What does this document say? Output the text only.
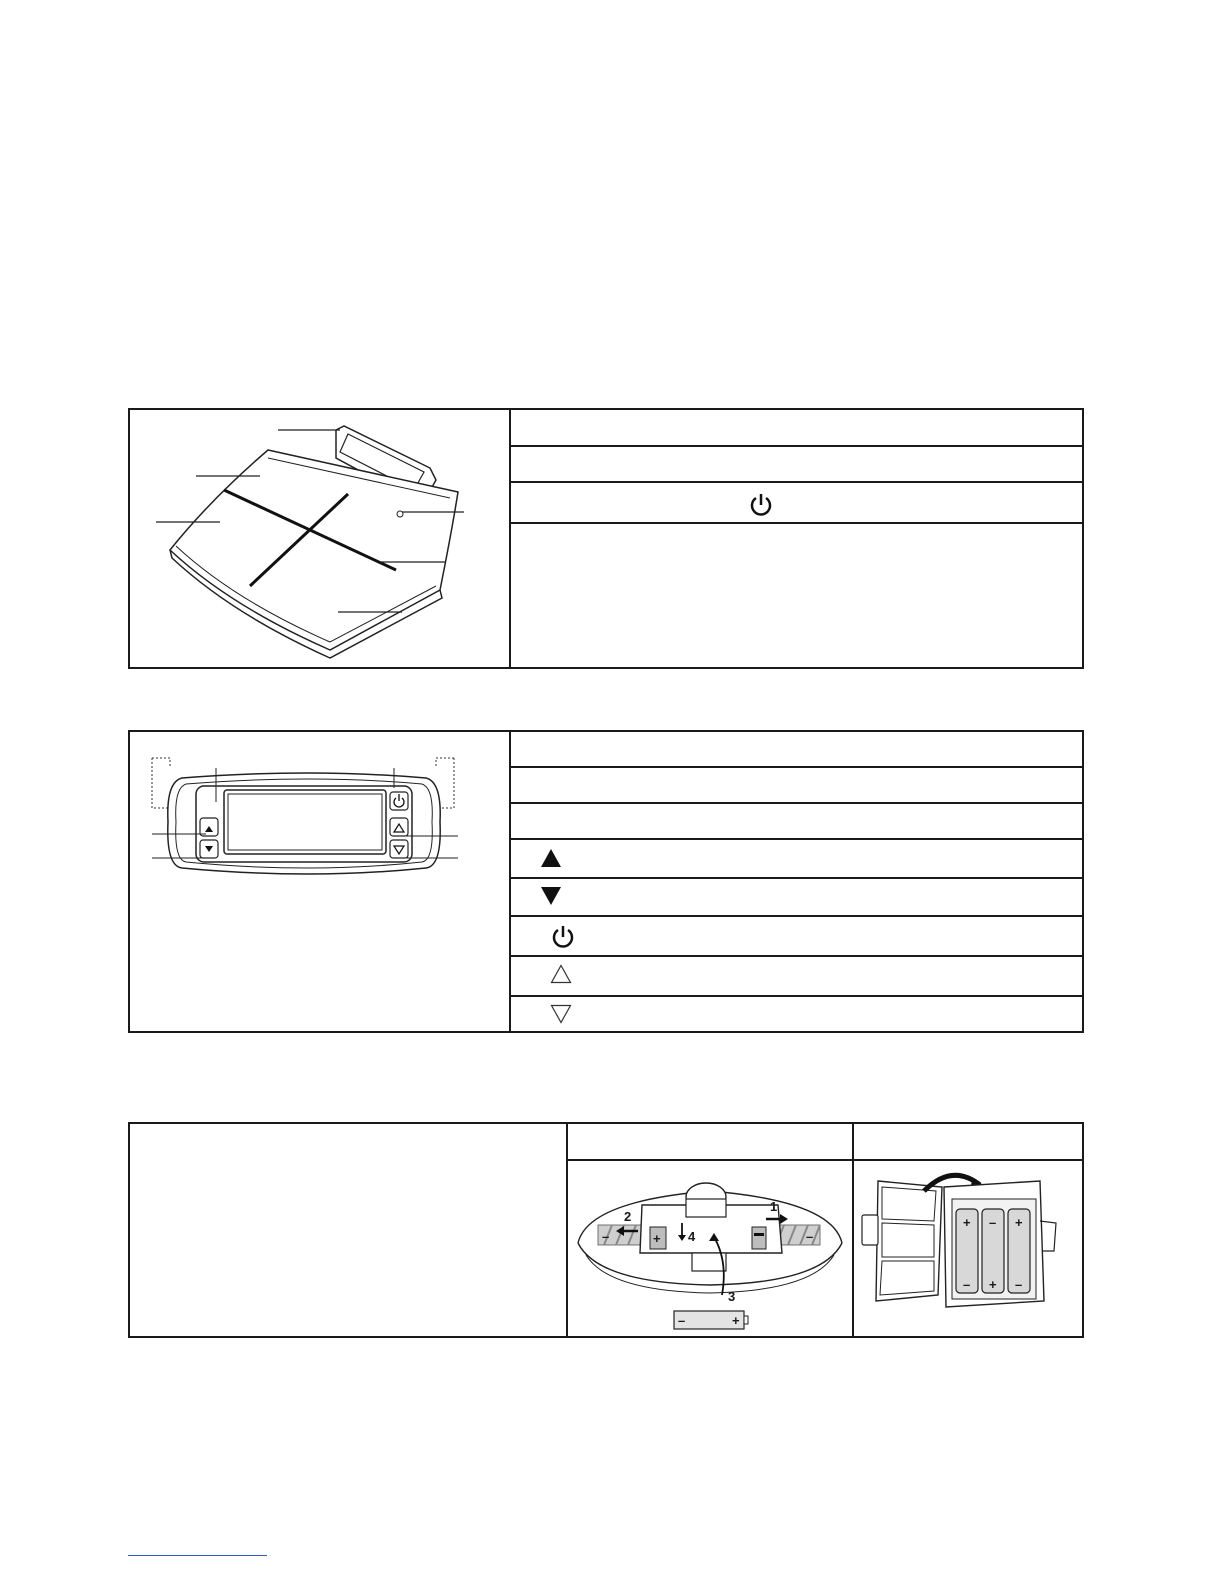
–	–
+
1
2
4
3
–	+
+ – +
– + –
